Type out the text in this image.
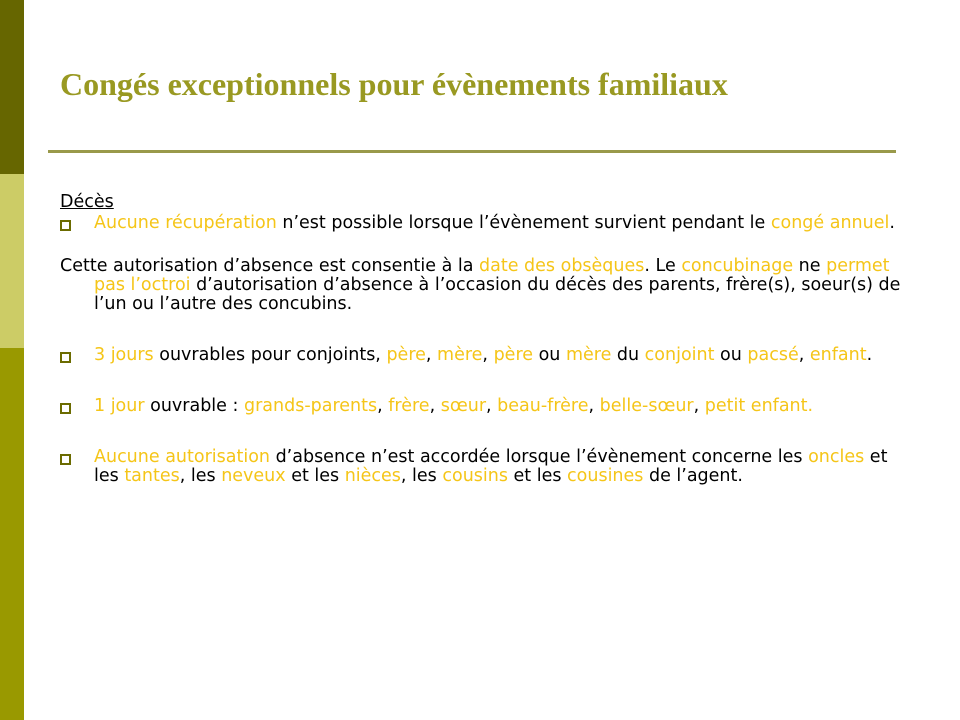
Congés exceptionnels pour évènements familiaux
Décès
Aucune récupération n’est possible lorsque l’évènement survient pendant le congé annuel.
Cette autorisation d’absence est consentie à la date des obsèques. Le concubinage ne permet pas l’octroi d’autorisation d’absence à l’occasion du décès des parents, frère(s), soeur(s) de l’un ou l’autre des concubins.
3 jours ouvrables pour conjoints, père, mère, père ou mère du conjoint ou pacsé, enfant.
1 jour ouvrable : grands-parents, frère, sœur, beau-frère, belle-sœur, petit enfant.
Aucune autorisation d’absence n’est accordée lorsque l’évènement concerne les oncles et les tantes, les neveux et les nièces, les cousins et les cousines de l’agent.
